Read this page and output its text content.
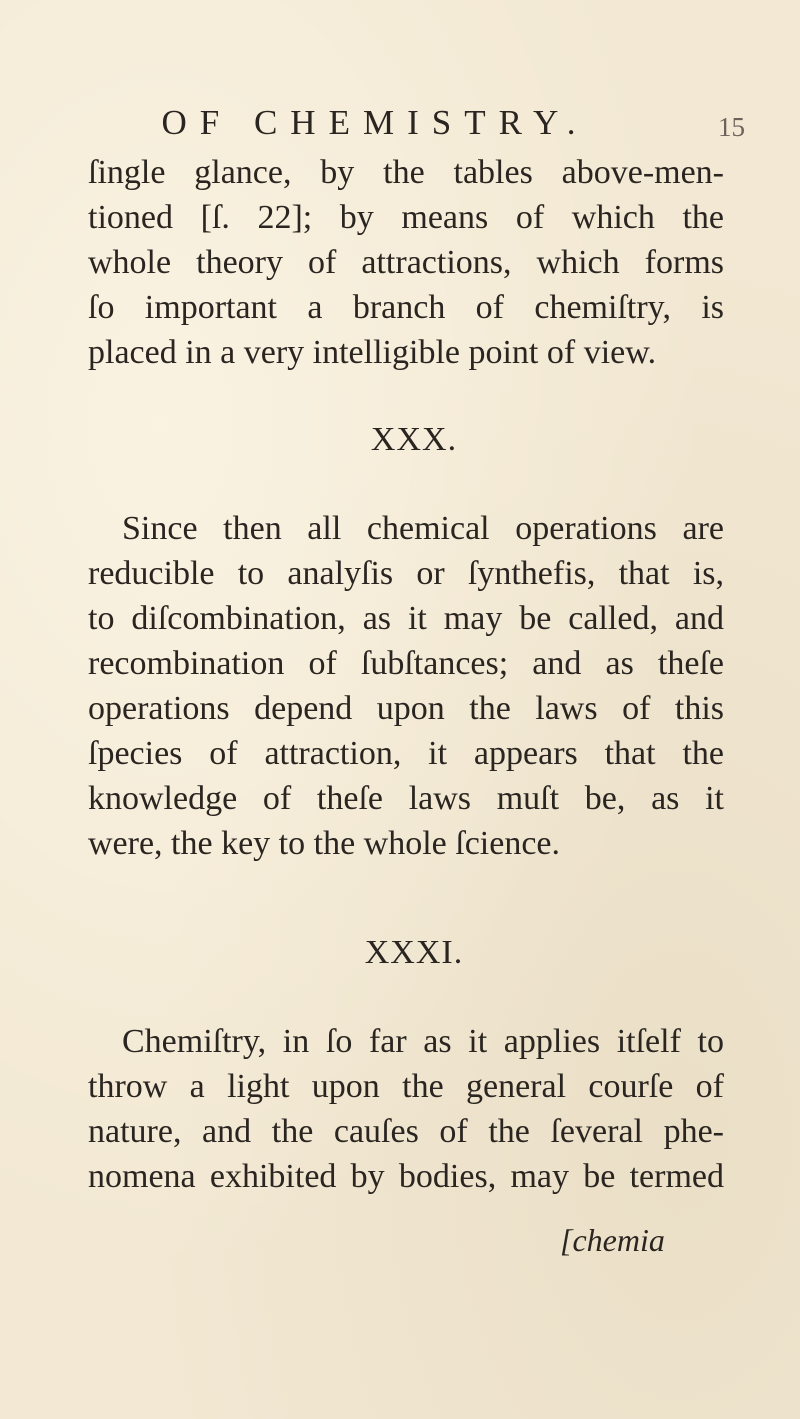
OF CHEMISTRY.	15
ſingle glance, by the tables above-men-
tioned [ſ. 22]; by means of which the
whole theory of attractions, which forms
ſo important a branch of chemiſtry, is
placed in a very intelligible point of view.
XXX.
Since then all chemical operations are
reducible to analyſis or ſynthefis, that is,
to diſcombination, as it may be called, and
recombination of ſubſtances; and as theſe
operations depend upon the laws of this
ſpecies of attraction, it appears that the
knowledge of theſe laws muſt be, as it
were, the key to the whole ſcience.
XXXI.
Chemiſtry, in ſo far as it applies itſelf to
throw a light upon the general courſe of
nature, and the cauſes of the ſeveral phe-
nomena exhibited by bodies, may be termed
[chemia
